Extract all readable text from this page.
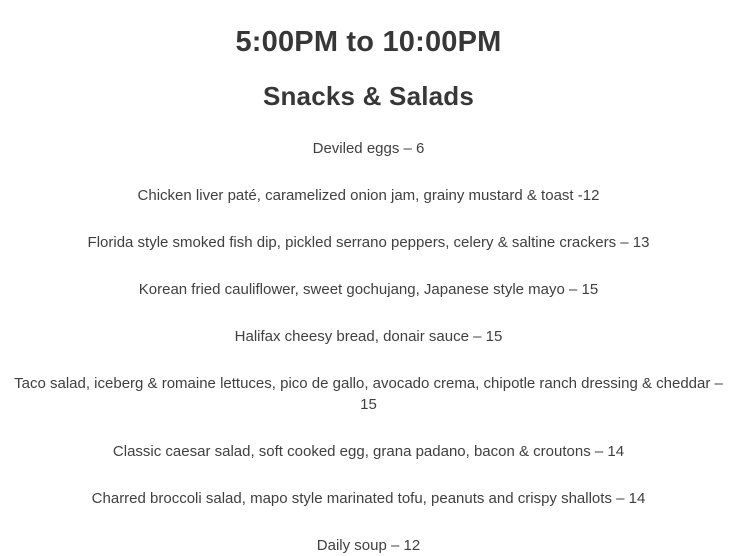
5:00PM to 10:00PM
Snacks & Salads

Deviled eggs – 6

Chicken liver paté, caramelized onion jam, grainy mustard & toast -12

Florida style smoked fish dip, pickled serrano peppers, celery & saltine crackers – 13

Korean fried cauliflower, sweet gochujang, Japanese style mayo – 15

Halifax cheesy bread, donair sauce – 15

Taco salad, iceberg & romaine lettuces, pico de gallo, avocado crema, chipotle ranch dressing & cheddar – 15

Classic caesar salad, soft cooked egg, grana padano, bacon & croutons – 14

Charred broccoli salad, mapo style marinated tofu, peanuts and crispy shallots – 14

Daily soup – 12
